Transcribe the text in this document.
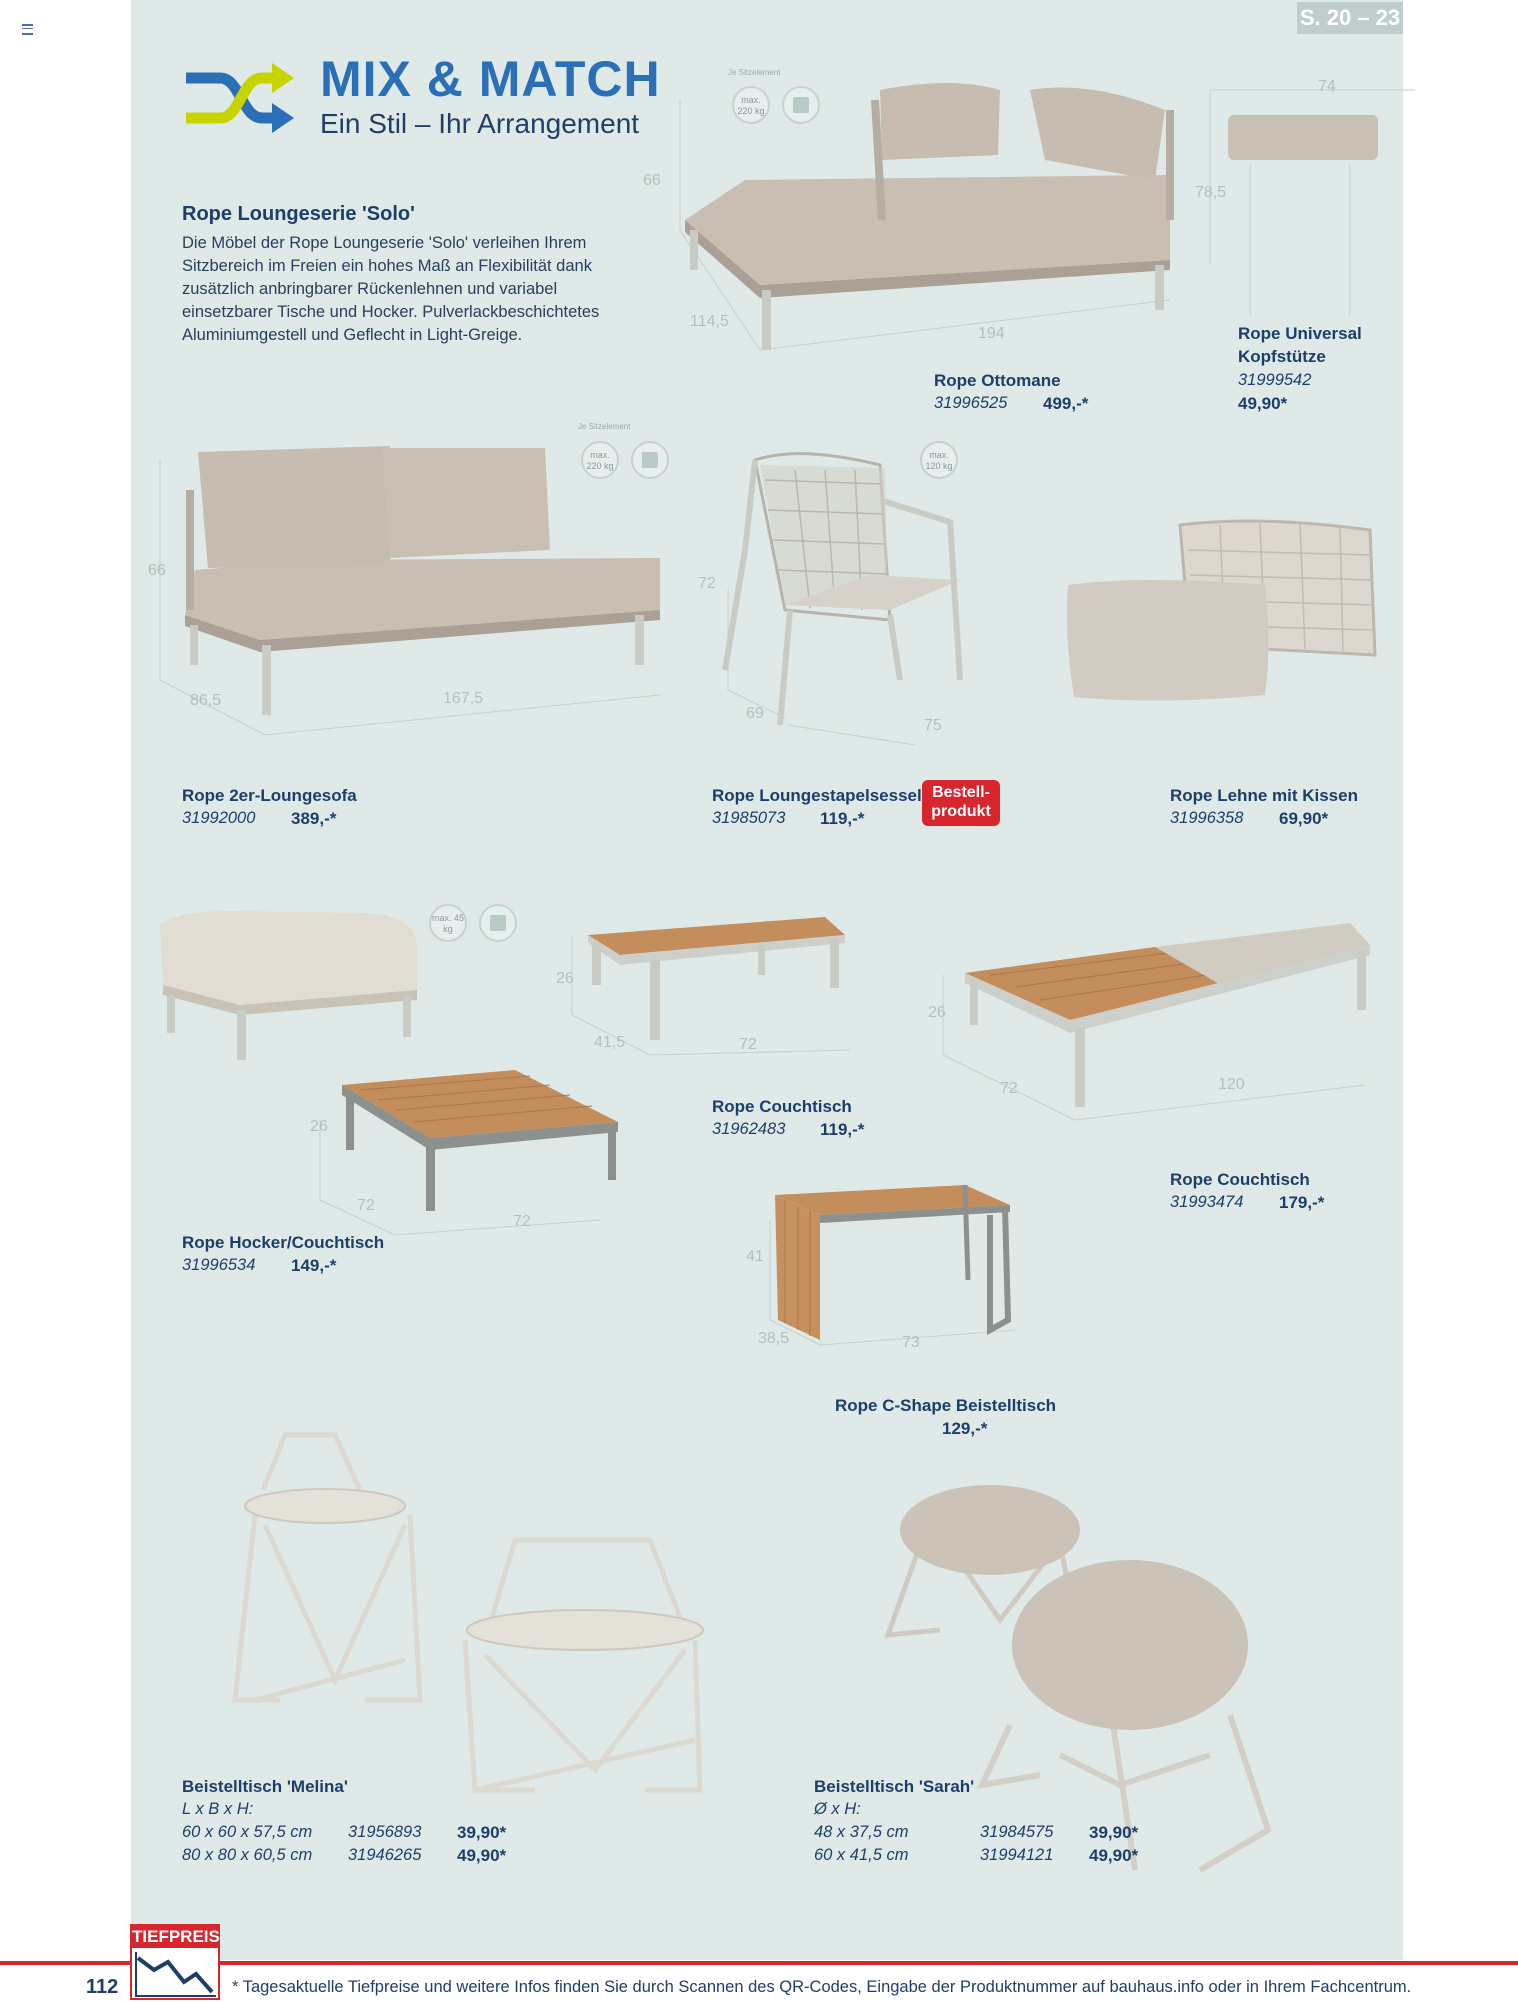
S. 20 – 23
MIX & MATCH
Ein Stil – Ihr Arrangement
Rope Loungeserie 'Solo'
Die Möbel der Rope Loungeserie 'Solo' verleihen Ihrem Sitzbereich im Freien ein hohes Maß an Flexibilität dank zusätzlich anbringbarer Rückenlehnen und variabel einsetzbarer Tische und Hocker. Pulverlackbeschichtetes Aluminiumgestell und Geflecht in Light-Greige.
Je Sitzelement
max. 220 kg
66
114,5
194
Rope Ottomane
31996525 499,-*
74
78,5
Rope Universal
Kopfstütze
31999542
49,90*
Je Sitzelement
max. 220 kg
66
86,5	167,5
Rope 2er-Loungesofa
31992000 389,-*
max. 120 kg
72
69
75
Rope Loungestapelsessel
31985073 119,-*
Bestell-produkt
Rope Lehne mit Kissen
31996358 69,90*
max. 45 kg
26
72
72
Rope Hocker/Couchtisch
31996534 149,-*
26
41,5	72
Rope Couchtisch
31962483 119,-*
26
72	120
Rope Couchtisch
31993474 179,-*
41
38,5	73
Rope C-Shape Beistelltisch
129,-*
Beistelltisch 'Melina'
L x B x H:
60 x 60 x 57,5 cm 31956893 39,90*
80 x 80 x 60,5 cm 31946265 49,90*
Beistelltisch 'Sarah'
Ø x H:
48 x 37,5 cm	31984575 39,90*
60 x 41,5 cm	31994121 49,90*
TIEFPREIS
112	* Tagesaktuelle Tiefpreise und weitere Infos finden Sie durch Scannen des QR-Codes, Eingabe der Produktnummer auf bauhaus.info oder in Ihrem Fachcentrum.
